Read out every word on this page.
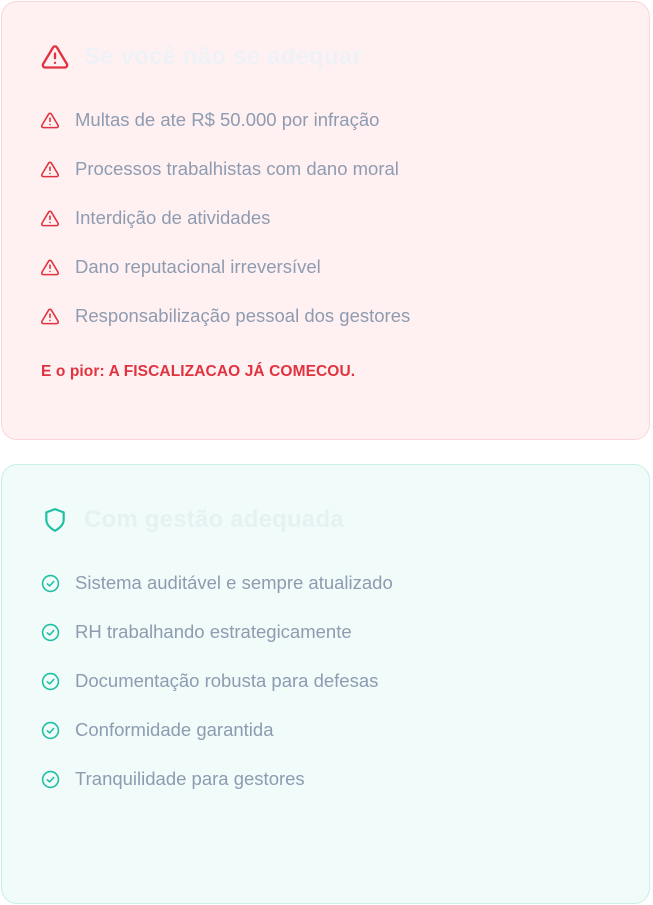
Se você não se adequar
Multas de ate R$ 50.000 por infração
Processos trabalhistas com dano moral
Interdição de atividades
Dano reputacional irreversível
Responsabilização pessoal dos gestores
E o pior: A FISCALIZACAO JÁ COMECOU.
Com gestão adequada
Sistema auditável e sempre atualizado
RH trabalhando estrategicamente
Documentação robusta para defesas
Conformidade garantida
Tranquilidade para gestores
